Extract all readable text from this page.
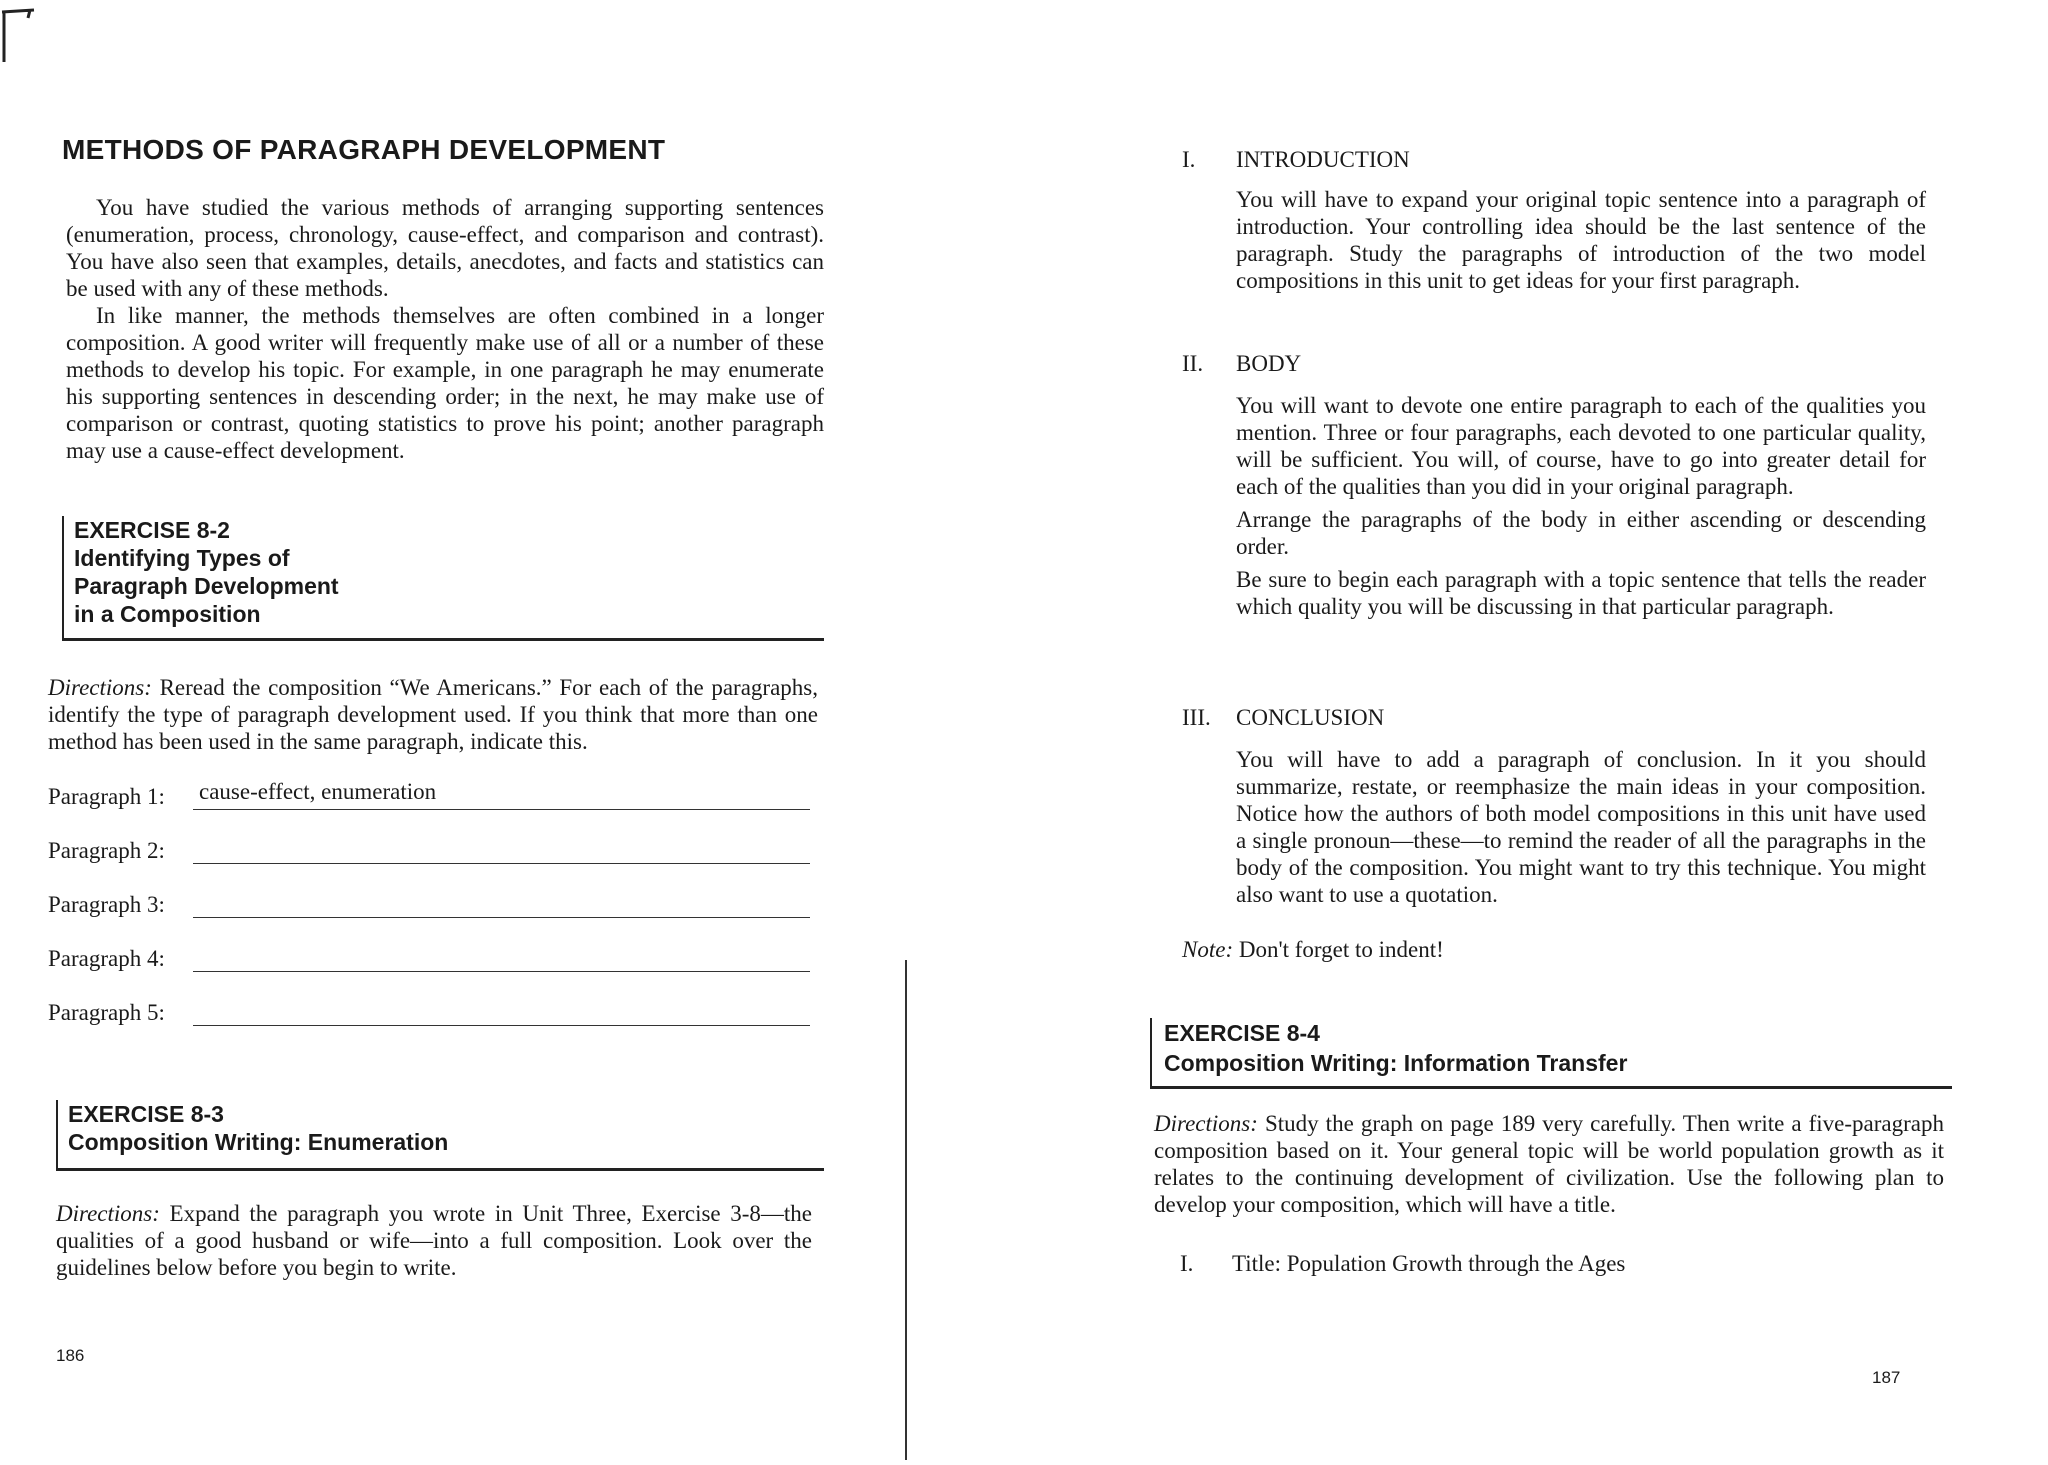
METHODS OF PARAGRAPH DEVELOPMENT

You have studied the various methods of arranging supporting sentences (enumeration, process, chronology, cause-effect, and comparison and contrast). You have also seen that examples, details, anecdotes, and facts and statistics can be used with any of these methods.

In like manner, the methods themselves are often combined in a longer composition. A good writer will frequently make use of all or a number of these methods to develop his topic. For example, in one paragraph he may enumerate his supporting sentences in descending order; in the next, he may make use of comparison or contrast, quoting statistics to prove his point; another paragraph may use a cause-effect development.

EXERCISE 8-2
Identifying Types of
Paragraph Development
in a Composition

Directions: Reread the composition “We Americans.” For each of the paragraphs, identify the type of paragraph development used. If you think that more than one method has been used in the same paragraph, indicate this.

Paragraph 1: cause-effect, enumeration
Paragraph 2:
Paragraph 3:
Paragraph 4:
Paragraph 5:
EXERCISE 8-3
Composition Writing: Enumeration

Directions: Expand the paragraph you wrote in Unit Three, Exercise 3-8—the qualities of a good husband or wife—into a full composition. Look over the guidelines below before you begin to write.

186
I. INTRODUCTION

You will have to expand your original topic sentence into a paragraph of introduction. Your controlling idea should be the last sentence of the paragraph. Study the paragraphs of introduction of the two model compositions in this unit to get ideas for your first paragraph.

II. BODY

You will want to devote one entire paragraph to each of the qualities you mention. Three or four paragraphs, each devoted to one particular quality, will be sufficient. You will, of course, have to go into greater detail for each of the qualities than you did in your original paragraph.

Arrange the paragraphs of the body in either ascending or descending order.

Be sure to begin each paragraph with a topic sentence that tells the reader which quality you will be discussing in that particular paragraph.

III. CONCLUSION

You will have to add a paragraph of conclusion. In it you should summarize, restate, or reemphasize the main ideas in your composition. Notice how the authors of both model compositions in this unit have used a single pronoun—these—to remind the reader of all the paragraphs in the body of the composition. You might want to try this technique. You might also want to use a quotation.

Note: Don't forget to indent!
EXERCISE 8-4
Composition Writing: Information Transfer

Directions: Study the graph on page 189 very carefully. Then write a five-paragraph composition based on it. Your general topic will be world population growth as it relates to the continuing development of civilization. Use the following plan to develop your composition, which will have a title.

I. Title: Population Growth through the Ages
187
